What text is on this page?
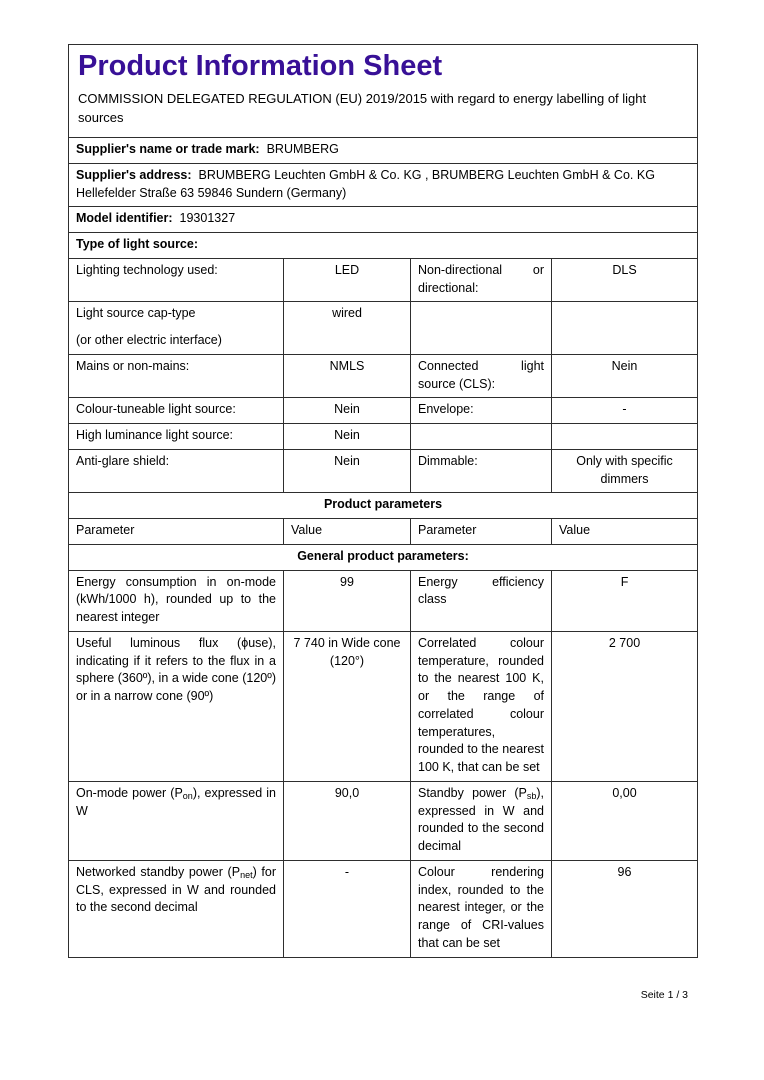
Product Information Sheet

COMMISSION DELEGATED REGULATION (EU) 2019/2015 with regard to energy labelling of light sources			

Supplier's name or trade mark: BRUMBERG			
Supplier's address: BRUMBERG Leuchten GmbH & Co. KG , BRUMBERG Leuchten GmbH & Co. KG Hellefelder Straße 63 59846 Sundern (Germany)			
Model identifier: 19301327			
Type of light source:			
Lighting technology used:	LED	Non-directional or directional:	DLS

Light source cap-type
(or other electric interface)	wired		
Mains or non-mains:	NMLS	Connected light source (CLS):	Nein
Colour-tuneable light source:	Nein	Envelope:	-
High luminance light source:	Nein		
Anti-glare shield:	Nein	Dimmable:	Only with specific dimmers
Product parameters			
Parameter	Value	Parameter	Value
General product parameters:			
Energy consumption in on-mode (kWh/1000 h), rounded up to the nearest integer	99	Energy efficiency class	F
Useful luminous flux (ϕuse), indicating if it refers to the flux in a sphere (360º), in a wide cone (120º) or in a narrow cone (90º)	7 740 in Wide cone (120°)	Correlated colour temperature, rounded to the nearest 100 K, or the range of correlated colour temperatures, rounded to the nearest 100 K, that can be set	2 700
On-mode power $(P_{on})$, expressed in W	90,0	Standby power $(P_{sb})$, expressed in W and rounded to the second decimal	0,00
Networked standby power $(P_{net})$ for CLS, expressed in W and rounded to the second decimal	-	Colour rendering index, rounded to the nearest integer, or the range of CRI-values that can be set	96
Seite 1 / 3
